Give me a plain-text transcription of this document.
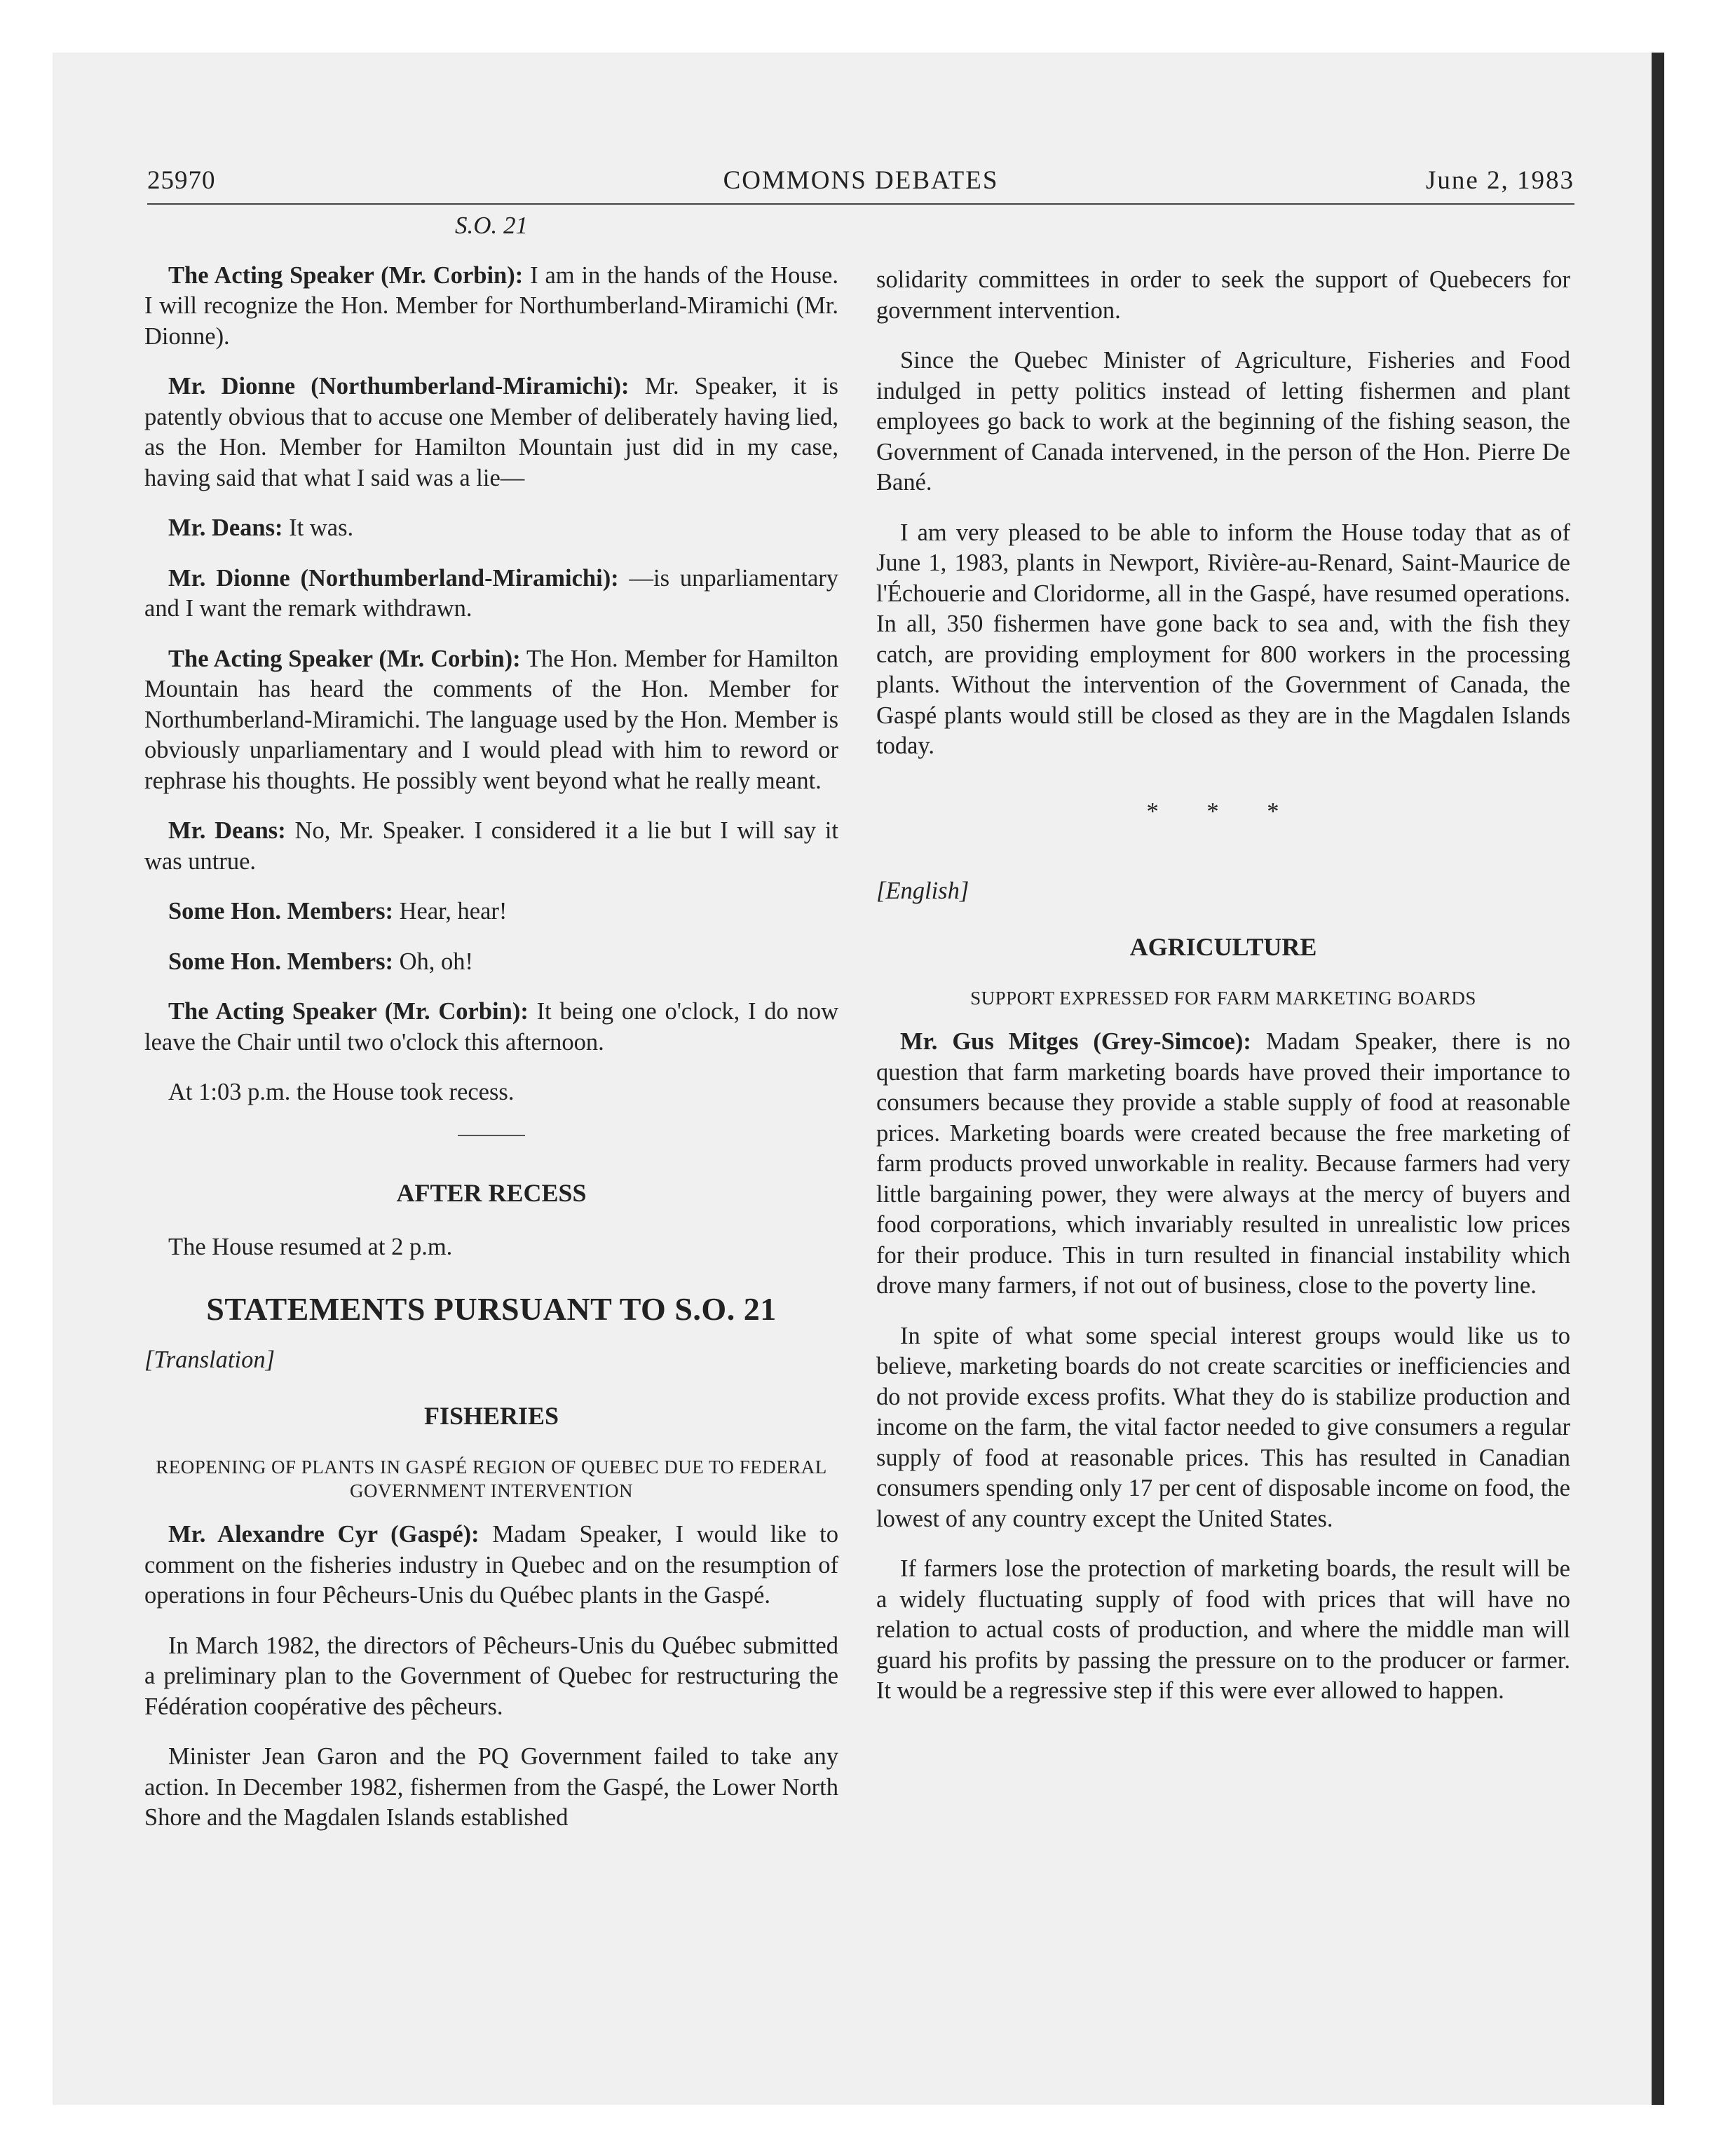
25970	COMMONS DEBATES	June 2, 1983
S.O. 21

The Acting Speaker (Mr. Corbin): I am in the hands of the House. I will recognize the Hon. Member for Northumberland-Miramichi (Mr. Dionne).

Mr. Dionne (Northumberland-Miramichi): Mr. Speaker, it is patently obvious that to accuse one Member of deliberately having lied, as the Hon. Member for Hamilton Mountain just did in my case, having said that what I said was a lie—

Mr. Deans: It was.

Mr. Dionne (Northumberland-Miramichi): —is unparliamentary and I want the remark withdrawn.

The Acting Speaker (Mr. Corbin): The Hon. Member for Hamilton Mountain has heard the comments of the Hon. Member for Northumberland-Miramichi. The language used by the Hon. Member is obviously unparliamentary and I would plead with him to reword or rephrase his thoughts. He possibly went beyond what he really meant.

Mr. Deans: No, Mr. Speaker. I considered it a lie but I will say it was untrue.

Some Hon. Members: Hear, hear!

Some Hon. Members: Oh, oh!

The Acting Speaker (Mr. Corbin): It being one o'clock, I do now leave the Chair until two o'clock this afternoon.

At 1:03 p.m. the House took recess.

AFTER RECESS

The House resumed at 2 p.m.

STATEMENTS PURSUANT TO S.O. 21
[Translation]
FISHERIES
REOPENING OF PLANTS IN GASPÉ REGION OF QUEBEC DUE TO FEDERAL GOVERNMENT INTERVENTION

Mr. Alexandre Cyr (Gaspé): Madam Speaker, I would like to comment on the fisheries industry in Quebec and on the resumption of operations in four Pêcheurs-Unis du Québec plants in the Gaspé.

In March 1982, the directors of Pêcheurs-Unis du Québec submitted a preliminary plan to the Government of Quebec for restructuring the Fédération coopérative des pêcheurs.

Minister Jean Garon and the PQ Government failed to take any action. In December 1982, fishermen from the Gaspé, the Lower North Shore and the Magdalen Islands established

solidarity committees in order to seek the support of Quebecers for government intervention.

Since the Quebec Minister of Agriculture, Fisheries and Food indulged in petty politics instead of letting fishermen and plant employees go back to work at the beginning of the fishing season, the Government of Canada intervened, in the person of the Hon. Pierre De Bané.

I am very pleased to be able to inform the House today that as of June 1, 1983, plants in Newport, Rivière-au-Renard, Saint-Maurice de l'Échouerie and Cloridorme, all in the Gaspé, have resumed operations. In all, 350 fishermen have gone back to sea and, with the fish they catch, are providing employment for 800 workers in the processing plants. Without the intervention of the Government of Canada, the Gaspé plants would still be closed as they are in the Magdalen Islands today.

* * *
[English]
AGRICULTURE
SUPPORT EXPRESSED FOR FARM MARKETING BOARDS

Mr. Gus Mitges (Grey-Simcoe): Madam Speaker, there is no question that farm marketing boards have proved their importance to consumers because they provide a stable supply of food at reasonable prices. Marketing boards were created because the free marketing of farm products proved unworkable in reality. Because farmers had very little bargaining power, they were always at the mercy of buyers and food corporations, which invariably resulted in unrealistic low prices for their produce. This in turn resulted in financial instability which drove many farmers, if not out of business, close to the poverty line.

In spite of what some special interest groups would like us to believe, marketing boards do not create scarcities or inefficiencies and do not provide excess profits. What they do is stabilize production and income on the farm, the vital factor needed to give consumers a regular supply of food at reasonable prices. This has resulted in Canadian consumers spending only 17 per cent of disposable income on food, the lowest of any country except the United States.

If farmers lose the protection of marketing boards, the result will be a widely fluctuating supply of food with prices that will have no relation to actual costs of production, and where the middle man will guard his profits by passing the pressure on to the producer or farmer. It would be a regressive step if this were ever allowed to happen.
